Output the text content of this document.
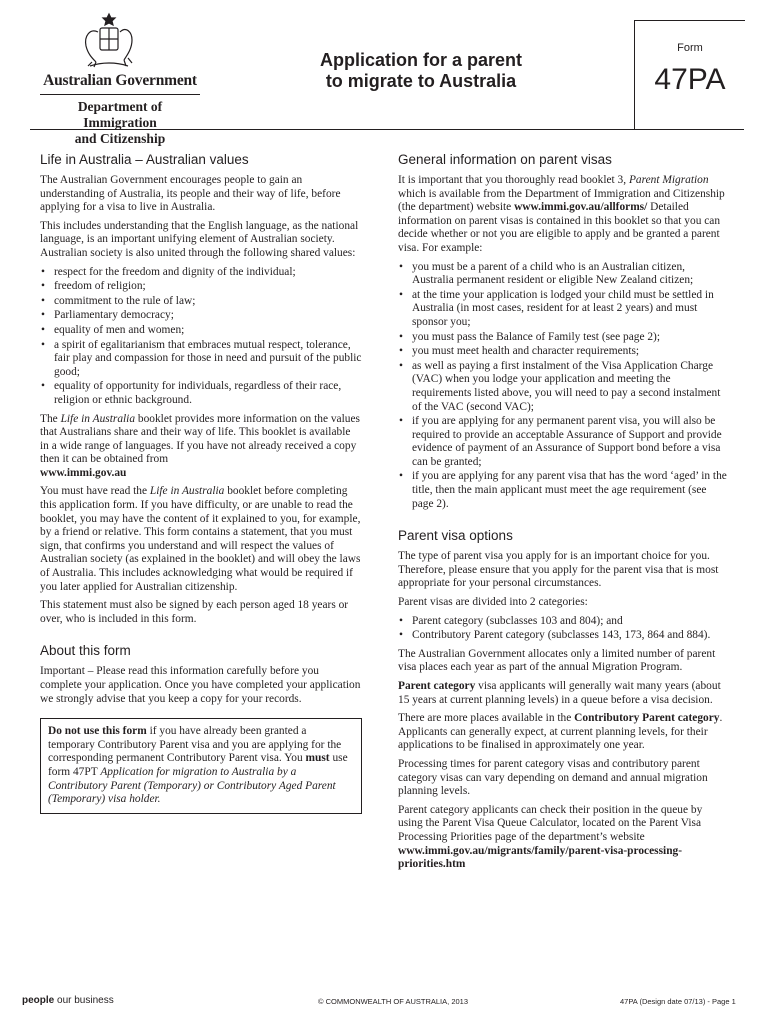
Australian Government
Department of Immigration
and Citizenship
Application for a parent
to migrate to Australia
Form
47PA
Life in Australia – Australian values

The Australian Government encourages people to gain an understanding of Australia, its people and their way of life, before applying for a visa to live in Australia.

This includes understanding that the English language, as the national language, is an important unifying element of Australian society. Australian society is also united through the following shared values:

• respect for the freedom and dignity of the individual;
• freedom of religion;
• commitment to the rule of law;
• Parliamentary democracy;
• equality of men and women;
• a spirit of egalitarianism that embraces mutual respect, tolerance, fair play and compassion for those in need and pursuit of the public good;
• equality of opportunity for individuals, regardless of their race, religion or ethnic background.

The Life in Australia booklet provides more information on the values that Australians share and their way of life. This booklet is available in a wide range of languages. If you have not already received a copy then it can be obtained from
www.immi.gov.au

You must have read the Life in Australia booklet before completing this application form. If you have difficulty, or are unable to read the booklet, you may have the content of it explained to you, for example, by a friend or relative. This form contains a statement, that you must sign, that confirms you understand and will respect the values of Australian society (as explained in the booklet) and will obey the laws of Australia. This includes acknowledging what would be required if you later applied for Australian citizenship.

This statement must also be signed by each person aged 18 years or over, who is included in this form.

About this form

Important – Please read this information carefully before you complete your application. Once you have completed your application we strongly advise that you keep a copy for your records.

Do not use this form if you have already been granted a temporary Contributory Parent visa and you are applying for the corresponding permanent Contributory Parent visa. You must use form 47PT Application for migration to Australia by a Contributory Parent (Temporary) or Contributory Aged Parent (Temporary) visa holder.
General information on parent visas

It is important that you thoroughly read booklet 3, Parent Migration which is available from the Department of Immigration and Citizenship (the department) website www.immi.gov.au/allforms/ Detailed information on parent visas is contained in this booklet so that you can decide whether or not you are eligible to apply and be granted a parent visa. For example:

• you must be a parent of a child who is an Australian citizen, Australia permanent resident or eligible New Zealand citizen;
• at the time your application is lodged your child must be settled in Australia (in most cases, resident for at least 2 years) and must sponsor you;
• you must pass the Balance of Family test (see page 2);
• you must meet health and character requirements;
• as well as paying a first instalment of the Visa Application Charge (VAC) when you lodge your application and meeting the requirements listed above, you will need to pay a second instalment of the VAC (second VAC);
• if you are applying for any permanent parent visa, you will also be required to provide an acceptable Assurance of Support and provide evidence of payment of an Assurance of Support bond before a visa can be granted;
• if you are applying for any parent visa that has the word ‘aged’ in the title, then the main applicant must meet the age requirement (see page 2).
Parent visa options

The type of parent visa you apply for is an important choice for you. Therefore, please ensure that you apply for the parent visa that is most appropriate for your personal circumstances.

Parent visas are divided into 2 categories:

• Parent category (subclasses 103 and 804); and
• Contributory Parent category (subclasses 143, 173, 864 and 884).

The Australian Government allocates only a limited number of parent visa places each year as part of the annual Migration Program.

Parent category visa applicants will generally wait many years (about 15 years at current planning levels) in a queue before a visa decision.

There are more places available in the Contributory Parent category. Applicants can generally expect, at current planning levels, for their applications to be finalised in approximately one year.

Processing times for parent category visas and contributory parent category visas can vary depending on demand and annual migration planning levels.

Parent category applicants can check their position in the queue by using the Parent Visa Queue Calculator, located on the Parent Visa Processing Priorities page of the department’s website
www.immi.gov.au/migrants/family/parent-visa-processing-priorities.htm

people our business	© COMMONWEALTH OF AUSTRALIA, 2013	47PA (Design date 07/13) - Page 1
